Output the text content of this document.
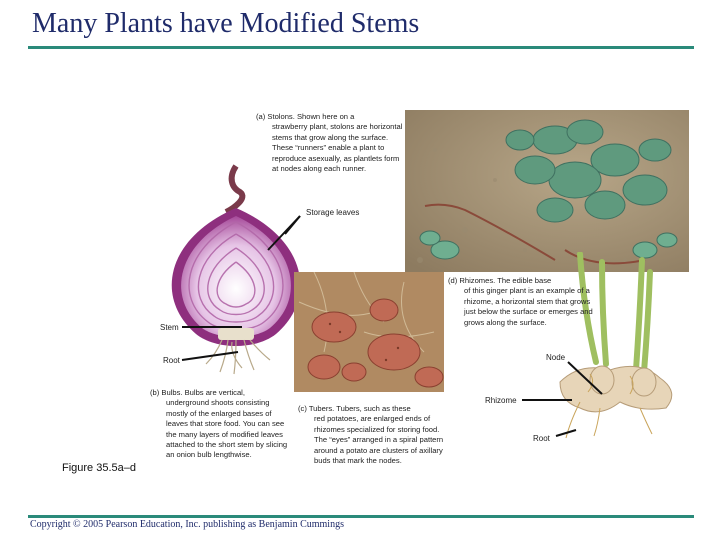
Many Plants have Modified Stems
(a) Stolons. Shown here on a
strawberry plant, stolons are horizontal stems that grow along the surface. These “runners” enable a plant to reproduce asexually, as plantlets form at nodes along each runner.
(b) Bulbs. Bulbs are vertical,
underground shoots consisting mostly of the enlarged bases of leaves that store food. You can see the many layers of modified leaves attached to the short stem by slicing an onion bulb lengthwise.
(c) Tubers. Tubers, such as these
red potatoes, are enlarged ends of rhizomes specialized for storing food. The “eyes” arranged in a spiral pattern around a potato are clusters of axillary buds that mark the nodes.
(d) Rhizomes. The edible base
of this ginger plant is an example of a rhizome, a horizontal stem that grows just below the surface or emerges and grows along the surface.
Storage leaves
Stem
Root	Node
Rhizome
Root
Figure 35.5a–d
Copyright © 2005 Pearson Education, Inc. publishing as Benjamin Cummings
